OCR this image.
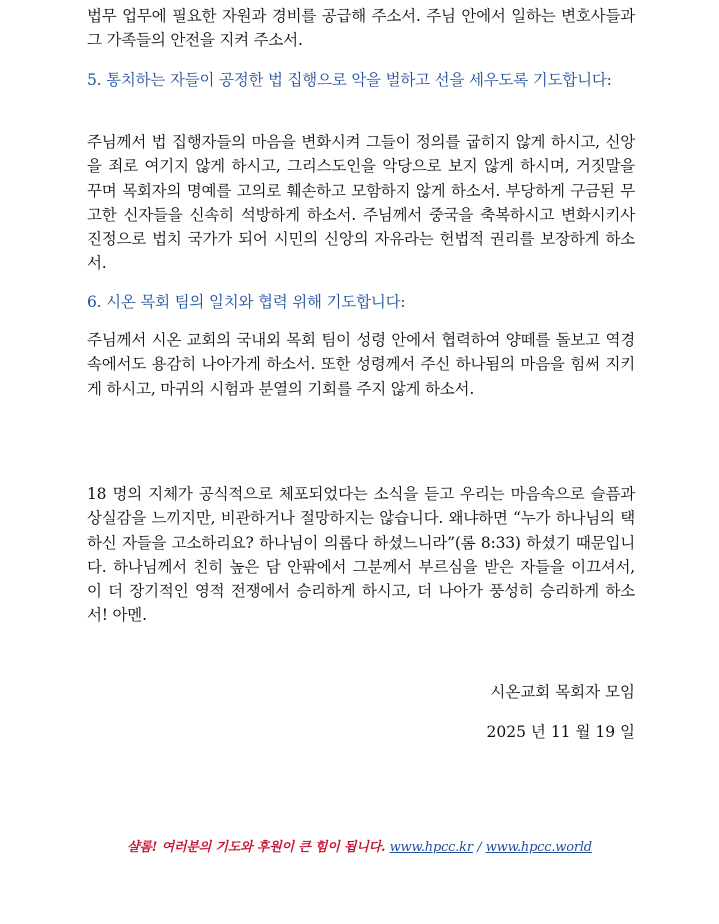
법무 업무에 필요한 자원과 경비를 공급해 주소서. 주님 안에서 일하는 변호사들과 그 가족들의 안전을 지켜 주소서.

5. 통치하는 자들이 공정한 법 집행으로 악을 벌하고 선을 세우도록 기도합니다:

주님께서 법 집행자들의 마음을 변화시켜 그들이 정의를 굽히지 않게 하시고, 신앙을 죄로 여기지 않게 하시고, 그리스도인을 악당으로 보지 않게 하시며, 거짓말을 꾸며 목회자의 명예를 고의로 훼손하고 모함하지 않게 하소서. 부당하게 구금된 무고한 신자들을 신속히 석방하게 하소서. 주님께서 중국을 축복하시고 변화시키사 진정으로 법치 국가가 되어 시민의 신앙의 자유라는 헌법적 권리를 보장하게 하소서.

6. 시온 목회 팀의 일치와 협력 위해 기도합니다:

주님께서 시온 교회의 국내외 목회 팀이 성령 안에서 협력하여 양떼를 돌보고 역경 속에서도 용감히 나아가게 하소서. 또한 성령께서 주신 하나됨의 마음을 힘써 지키게 하시고, 마귀의 시험과 분열의 기회를 주지 않게 하소서.

18 명의 지체가 공식적으로 체포되었다는 소식을 듣고 우리는 마음속으로 슬픔과 상실감을 느끼지만, 비관하거나 절망하지는 않습니다. 왜냐하면 “누가 하나님의 택하신 자들을 고소하리요? 하나님이 의롭다 하셨느니라”(롬 8:33) 하셨기 때문입니다. 하나님께서 친히 높은 담 안팎에서 그분께서 부르심을 받은 자들을 이끄셔서, 이 더 장기적인 영적 전쟁에서 승리하게 하시고, 더 나아가 풍성히 승리하게 하소서! 아멘.

시온교회 목회자 모임

2025 년 11 월 19 일

샬롬! 여러분의 기도와 후원이 큰 힘이 됩니다. www.hpcc.kr / www.hpcc.world
